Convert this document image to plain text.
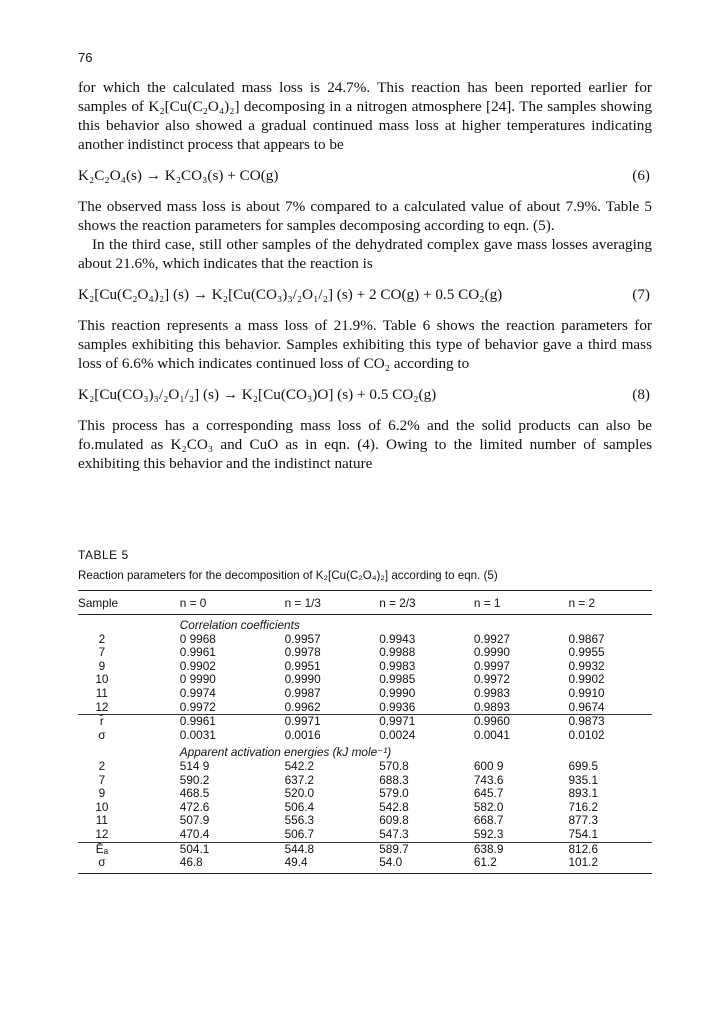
76

for which the calculated mass loss is 24.7%. This reaction has been reported earlier for samples of K₂[Cu(C₂O₄)₂] decomposing in a nitrogen atmosphere [24]. The samples showing this behavior also showed a gradual continued mass loss at higher temperatures indicating another indistinct process that appears to be

K₂C₂O₄(s) → K₂CO₃(s) + CO(g)	(6)

The observed mass loss is about 7% compared to a calculated value of about 7.9%. Table 5 shows the reaction parameters for samples decomposing according to eqn. (5).

In the third case, still other samples of the dehydrated complex gave mass losses averaging about 21.6%, which indicates that the reaction is

K₂[Cu(C₂O₄)₂] (s) → K₂[Cu(CO₃)₃/₂O₁/₂] (s) + 2 CO(g) + 0.5 CO₂(g)	(7)

This reaction represents a mass loss of 21.9%. Table 6 shows the reaction parameters for samples exhibiting this behavior. Samples exhibiting this type of behavior gave a third mass loss of 6.6% which indicates continued loss of CO₂ according to

K₂[Cu(CO₃)₃/₂O₁/₂] (s) → K₂[Cu(CO₃)O] (s) + 0.5 CO₂(g)	(8)

This process has a corresponding mass loss of 6.2% and the solid products can also be fo.mulated as K₂CO₃ and CuO as in eqn. (4). Owing to the limited number of samples exhibiting this behavior and the indistinct nature

TABLE 5
Reaction parameters for the decomposition of K₂[Cu(C₂O₄)₂] according to eqn. (5)
Sample	n = 0	n = 1/3	n = 2/3	n = 1	n = 2
	Correlation coefficients				
2	0 9968	0.9957	0.9943	0.9927	0.9867
7	0.9961	0.9978	0.9988	0.9990	0.9955
9	0.9902	0.9951	0.9983	0.9997	0.9932
10	0 9990	0.9990	0.9985	0.9972	0.9902
11	0.9974	0.9987	0.9990	0.9983	0.9910
12	0.9972	0.9962	0.9936	0.9893	0.9674
r̄	0.9961	0.9971	0.9971	0.9960	0.9873
σ	0.0031	0.0016	0.0024	0.0041	0.0102
	Apparent activation energies (kJ mole⁻¹)				
2	514 9	542.2	570.8	600 9	699.5
7	590.2	637.2	688.3	743.6	935.1
9	468.5	520.0	579.0	645.7	893.1
10	472.6	506.4	542.8	582.0	716.2
11	507.9	556.3	609.8	668.7	877.3
12	470.4	506.7	547.3	592.3	754.1
Ēₐ	504.1	544.8	589.7	638.9	812.6
σ	46.8	49.4	54.0	61.2	101.2
